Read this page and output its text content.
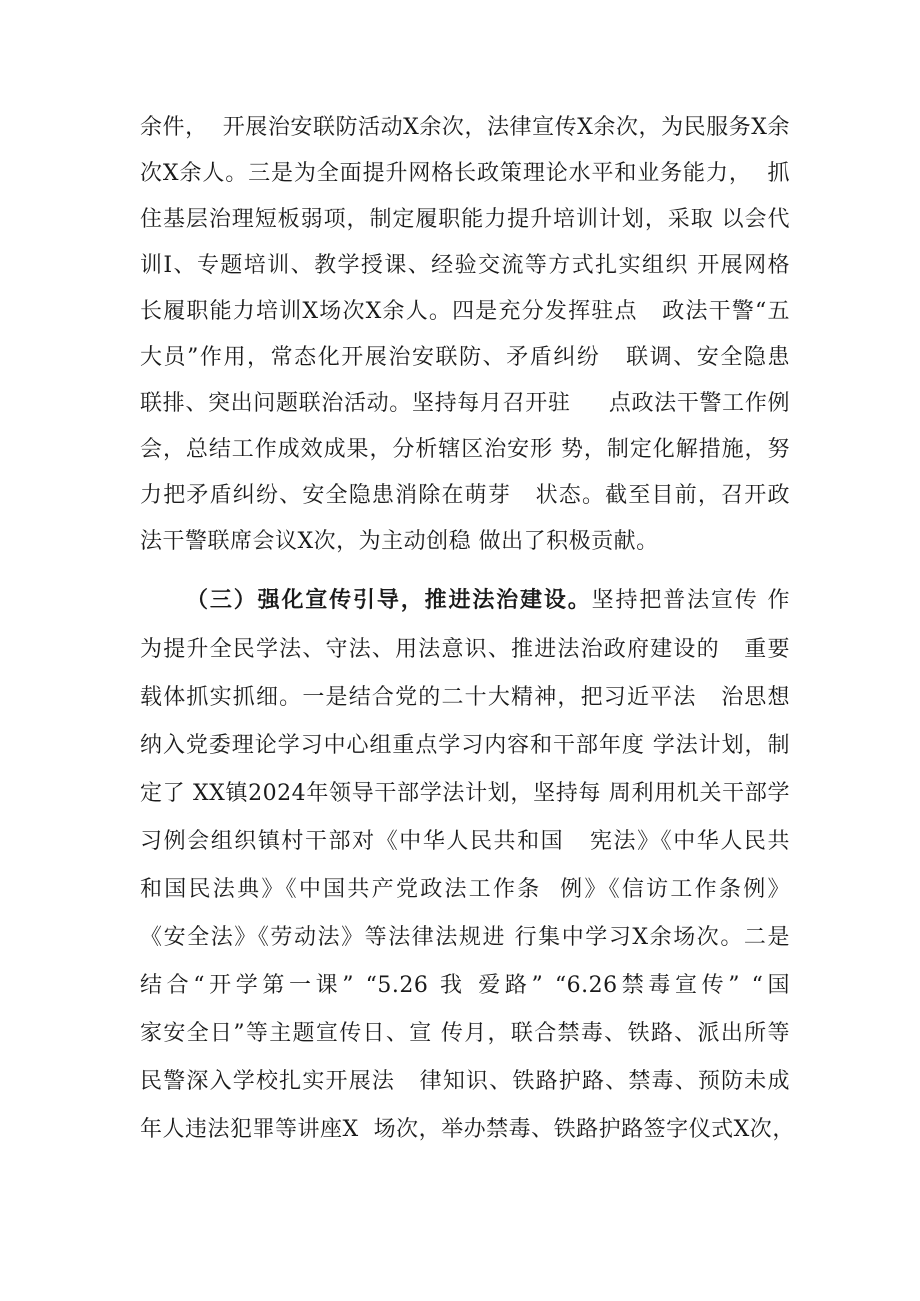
余件，  开展治安联防活动X余次，法律宣传X余次，为民服务X余
次X余人。三是为全面提升网格长政策理论水平和业务能力，  抓
住基层治理短板弱项，制定履职能力提升培训计划，采取 以会代
训I、专题培训、教学授课、经验交流等方式扎实组织 开展网格
长履职能力培训X场次X余人。四是充分发挥驻点   政法干警“五
大员”作用，常态化开展治安联防、矛盾纠纷   联调、安全隐患
联排、突出问题联治活动。坚持每月召开驻     点政法干警工作例
会，总结工作成效成果，分析辖区治安形 势，制定化解措施，努
力把矛盾纠纷、安全隐患消除在萌芽   状态。截至目前，召开政
法干警联席会议X次，为主动创稳 做出了积极贡献。
（三）强化宣传引导，推进法治建设。坚持把普法宣传 作
为提升全民学法、守法、用法意识、推进法治政府建设的   重要
载体抓实抓细。一是结合党的二十大精神，把习近平法   治思想
纳入党委理论学习中心组重点学习内容和干部年度 学法计划，制
定了 XX镇2024年领导干部学法计划，坚持每 周利用机关干部学
习例会组织镇村干部对《中华人民共和国   宪法》《中华人民共
和国民法典》《中国共产党政法工作条  例》《信访工作条例》
《安全法》《劳动法》等法律法规进 行集中学习X余场次。二是
结合“开学第一课” “5.26 我 爱路” “6.26禁毒宣传” “国
家安全日”等主题宣传日、宣 传月，联合禁毒、铁路、派出所等
民警深入学校扎实开展法   律知识、铁路护路、禁毒、预防未成
年人违法犯罪等讲座X  场次，举办禁毒、铁路护路签字仪式X次，
